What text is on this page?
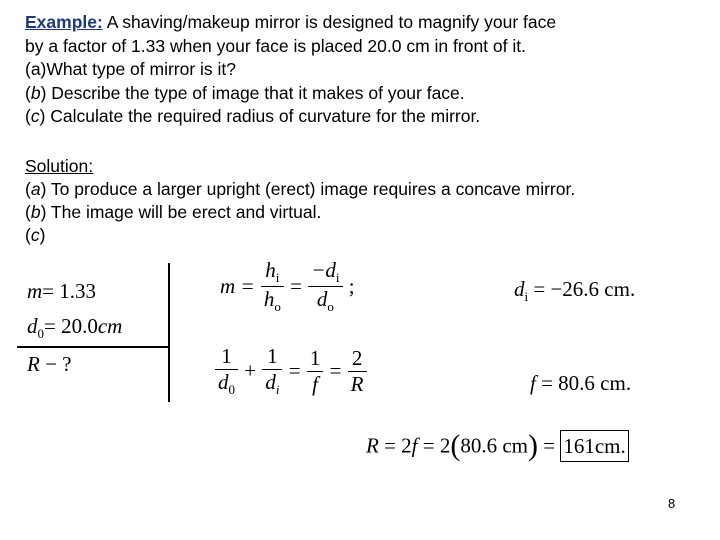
Example: A shaving/makeup mirror is designed to magnify your face
by a factor of 1.33 when your face is placed 20.0 cm in front of it.
(a)What type of mirror is it?
(b) Describe the type of image that it makes of your face.
(c) Calculate the required radius of curvature for the mirror.
Solution:
(a) To produce a larger upright (erect) image requires a concave mirror.
(b) The image will be erect and virtual.
(c)
m= 1.33
$d_0= 20.0cm$
R − ?
$m = \frac{h_i}{h_o} = \frac{-d_i}{d_o}$ ;
$\frac{1}{d_0} + \frac{1}{d_i} = \frac{1}{f} = \frac{2}{R}$
$d_i = -26.6$ cm.
f = 80.6 cm.
R = 2f = 2(80.6 cm) = 161cm.
8
